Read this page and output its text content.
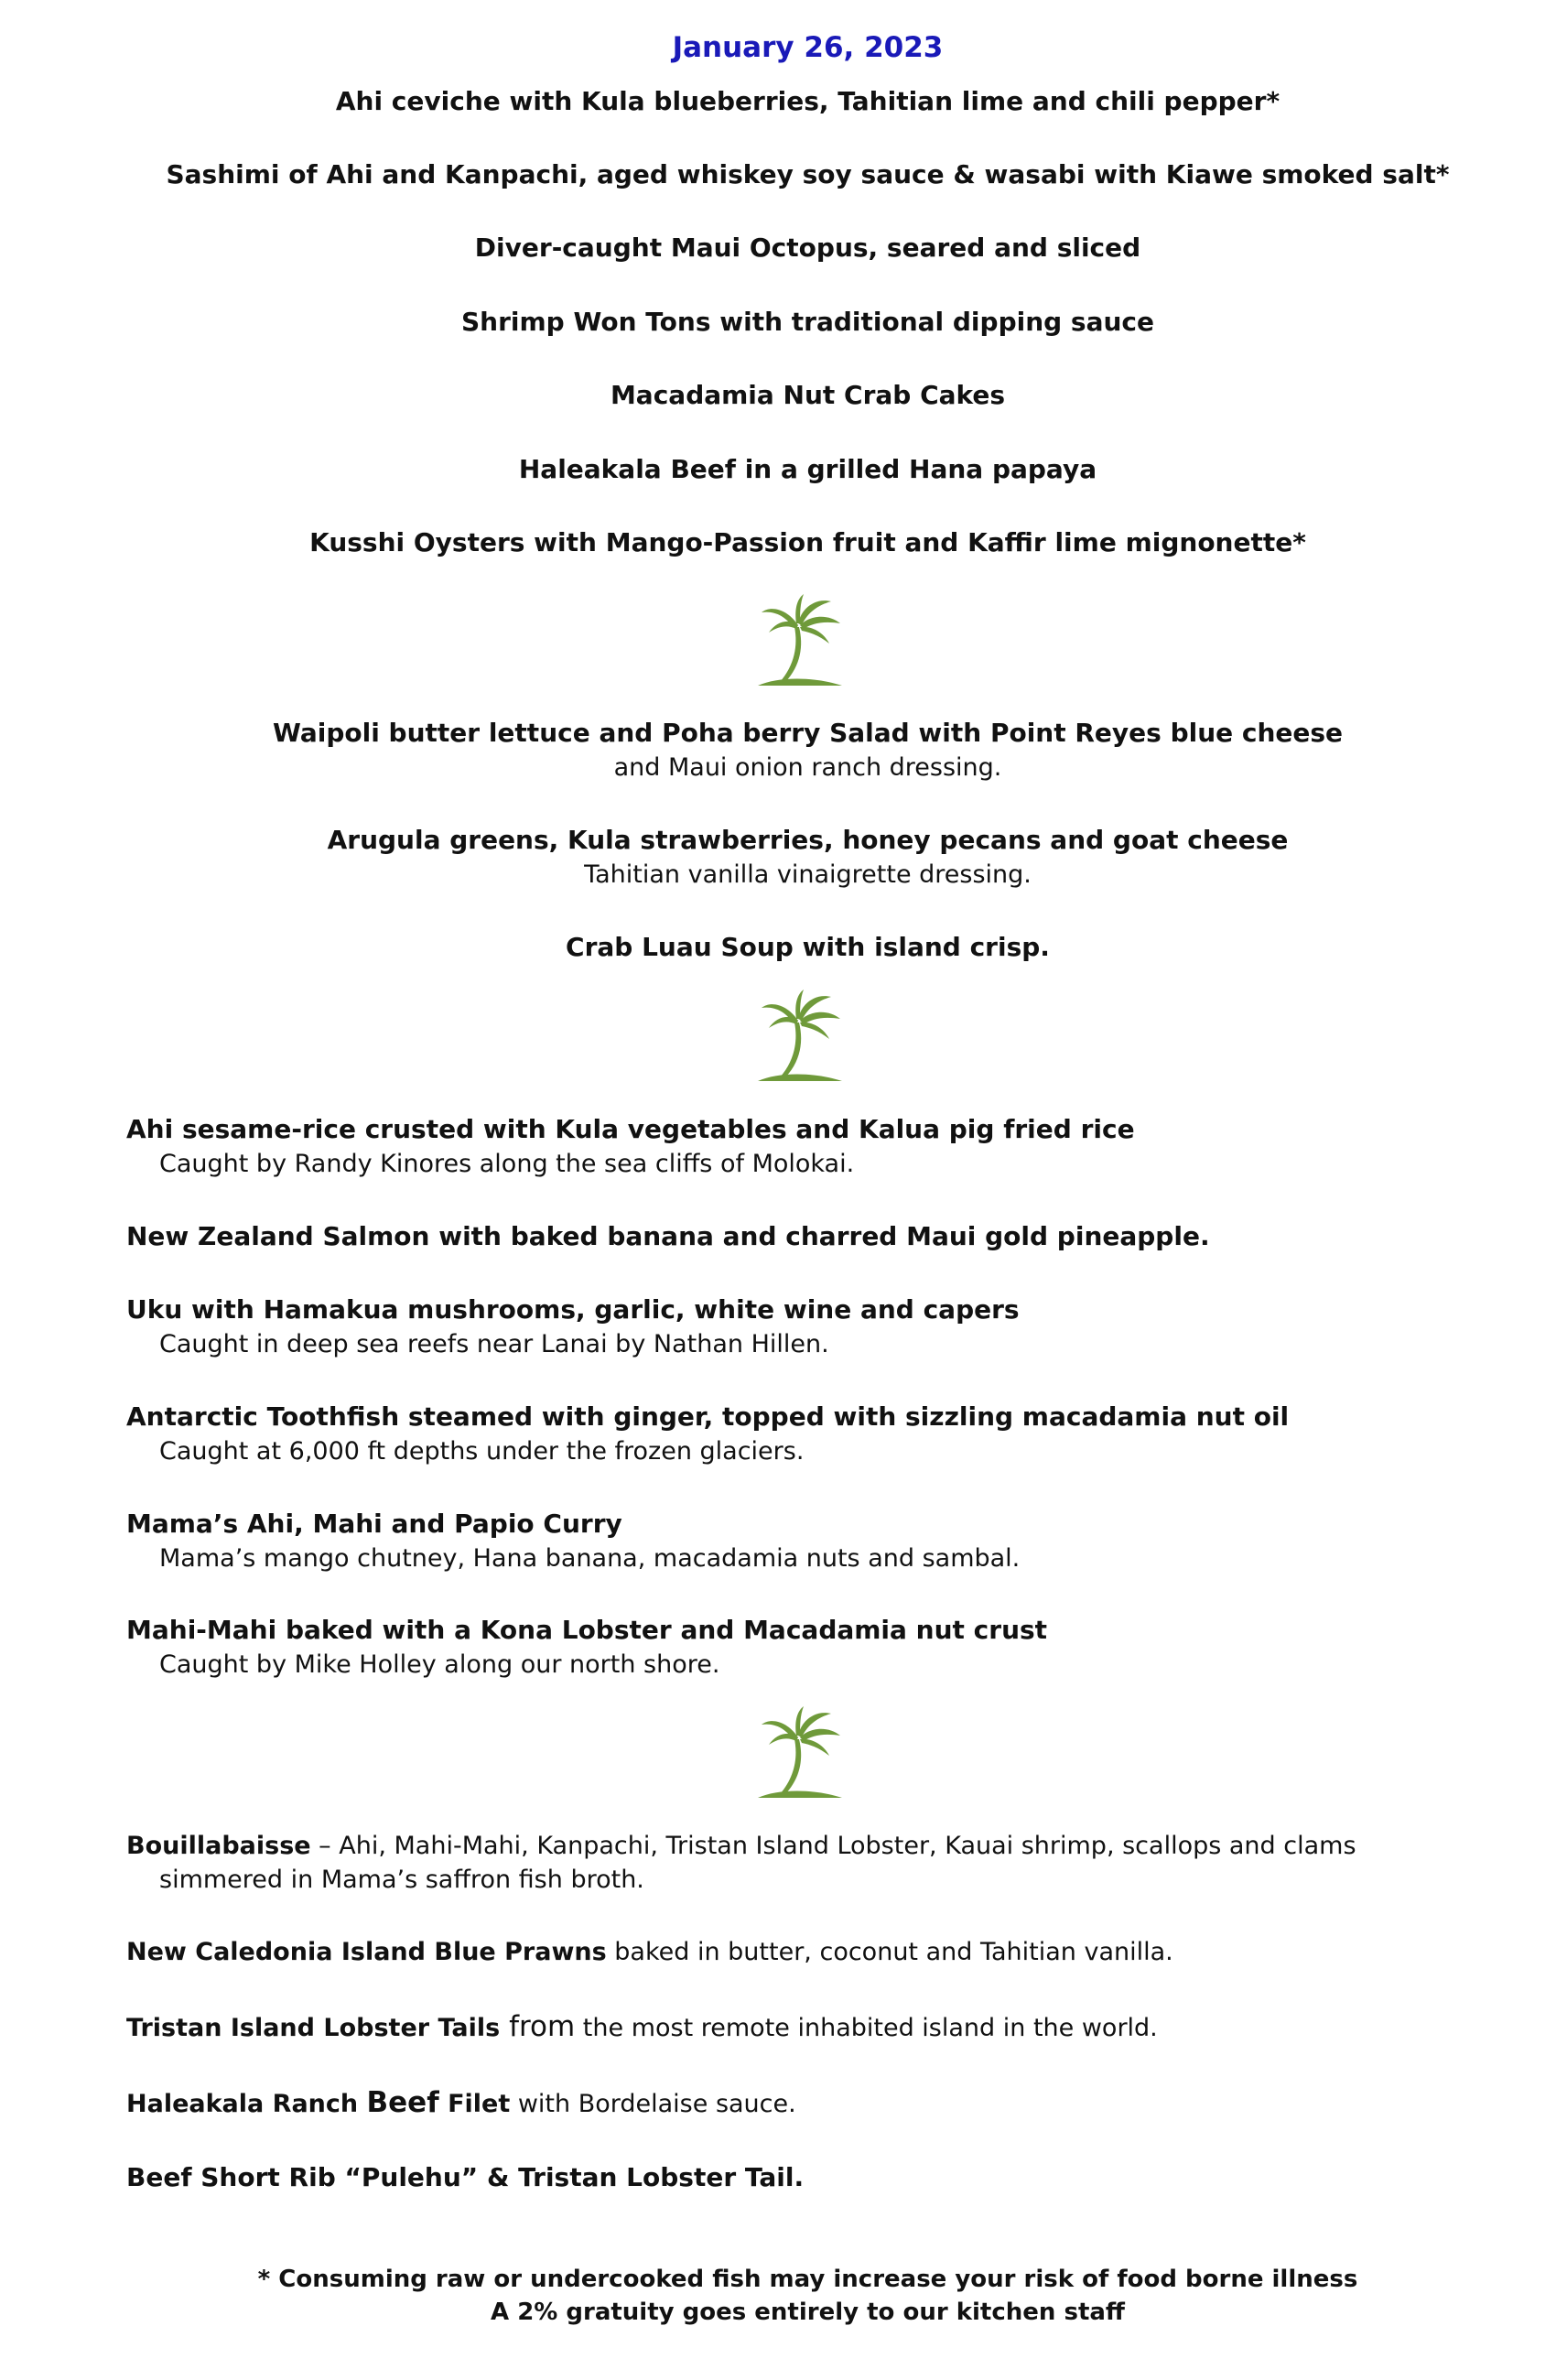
January 26, 2023
Ahi ceviche with Kula blueberries, Tahitian lime and chili pepper*
Sashimi of Ahi and Kanpachi, aged whiskey soy sauce & wasabi with Kiawe smoked salt*
Diver-caught Maui Octopus, seared and sliced
Shrimp Won Tons with traditional dipping sauce
Macadamia Nut Crab Cakes
Haleakala Beef in a grilled Hana papaya
Kusshi Oysters with Mango-Passion fruit and Kaffir lime mignonette*
Waipoli butter lettuce and Poha berry Salad with Point Reyes blue cheese
and Maui onion ranch dressing.
Arugula greens, Kula strawberries, honey pecans and goat cheese
Tahitian vanilla vinaigrette dressing.
Crab Luau Soup with island crisp.
Ahi sesame-rice crusted with Kula vegetables and Kalua pig fried rice
Caught by Randy Kinores along the sea cliffs of Molokai.
New Zealand Salmon with baked banana and charred Maui gold pineapple.
Uku with Hamakua mushrooms, garlic, white wine and capers
Caught in deep sea reefs near Lanai by Nathan Hillen.
Antarctic Toothfish steamed with ginger, topped with sizzling macadamia nut oil
Caught at 6,000 ft depths under the frozen glaciers.
Mama’s Ahi, Mahi and Papio Curry
Mama’s mango chutney, Hana banana, macadamia nuts and sambal.
Mahi-Mahi baked with a Kona Lobster and Macadamia nut crust
Caught by Mike Holley along our north shore.
Bouillabaisse – Ahi, Mahi-Mahi, Kanpachi, Tristan Island Lobster, Kauai shrimp, scallops and clams
simmered in Mama’s saffron fish broth.
New Caledonia Island Blue Prawns baked in butter, coconut and Tahitian vanilla.
Tristan Island Lobster Tails from the most remote inhabited island in the world.
Haleakala Ranch Beef Filet with Bordelaise sauce.
Beef Short Rib “Pulehu” & Tristan Lobster Tail.
* Consuming raw or undercooked fish may increase your risk of food borne illness
A 2% gratuity goes entirely to our kitchen staff
